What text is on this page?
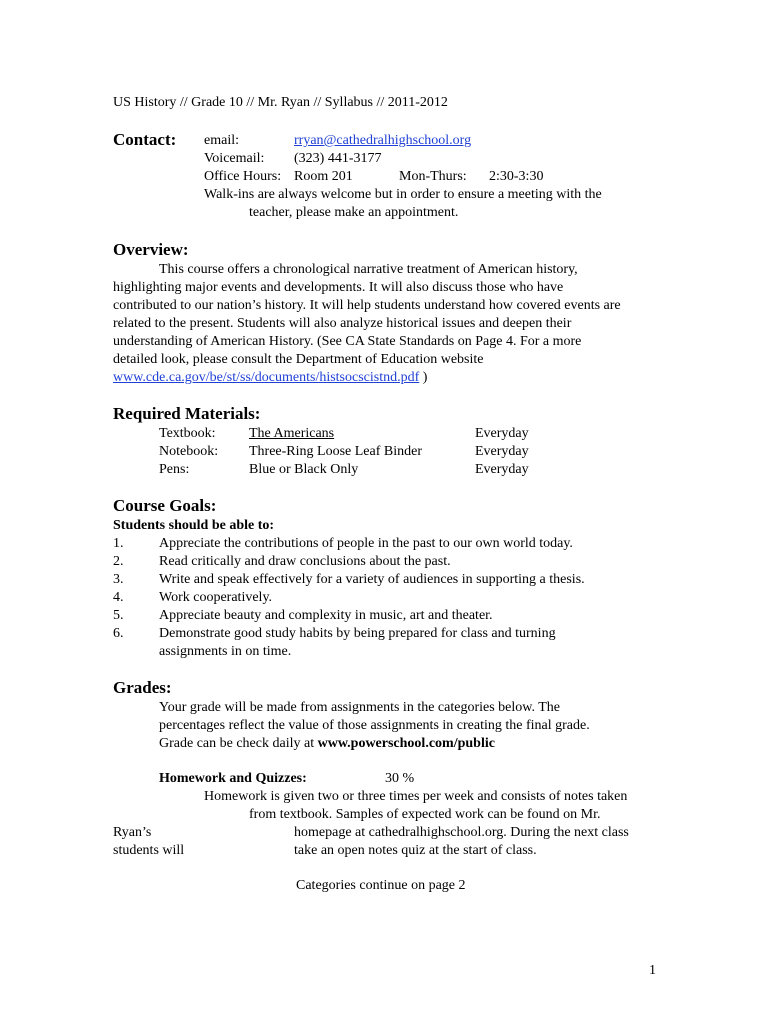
US History // Grade 10 // Mr. Ryan // Syllabus // 2011-2012
Contact: email:	rryan@cathedralhighschool.org
Voicemail: (323) 441-3177
Office Hours: Room 201	Mon-Thurs: 2:30-3:30
Walk-ins are always welcome but in order to ensure a meeting with the
teacher, please make an appointment.
Overview:
This course offers a chronological narrative treatment of American history,
highlighting major events and developments. It will also discuss those who have
contributed to our nation’s history. It will help students understand how covered events are
related to the present. Students will also analyze historical issues and deepen their
understanding of American History. (See CA State Standards on Page 4. For a more
detailed look, please consult the Department of Education website
www.cde.ca.gov/be/st/ss/documents/histsocscistnd.pdf )
Required Materials:
Textbook: The Americans	Everyday
Notebook: Three-Ring Loose Leaf Binder	Everyday
Pens:	Blue or Black Only	Everyday
Course Goals:
Students should be able to:
1.	Appreciate the contributions of people in the past to our own world today.
2.	Read critically and draw conclusions about the past.
3.	Write and speak effectively for a variety of audiences in supporting a thesis.
4.	Work cooperatively.
5.	Appreciate beauty and complexity in music, art and theater.
6.	Demonstrate good study habits by being prepared for class and turning
assignments in on time.
Grades:
Your grade will be made from assignments in the categories below. The
percentages reflect the value of those assignments in creating the final grade.
Grade can be check daily at www.powerschool.com/public
Homework and Quizzes:	30 %
Homework is given two or three times per week and consists of notes taken
from textbook. Samples of expected work can be found on Mr.
Ryan’s	homepage at cathedralhighschool.org. During the next class
students will	take an open notes quiz at the start of class.
Categories continue on page 2
1
